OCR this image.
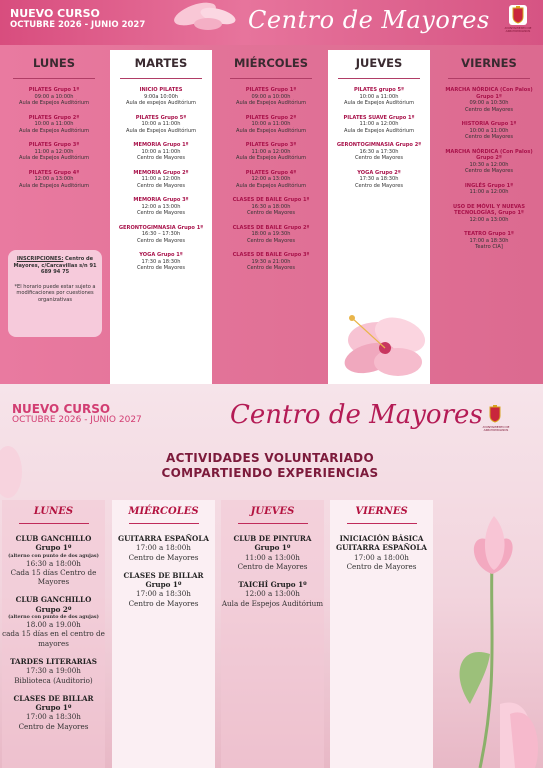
NUEVO CURSO
OCTUBRE 2026 - JUNIO 2027	Centro de Mayores	AYUNTAMIENTO DE ARROYOMOLINOS
LUNES
PILATES Grupo 1º
09:00 a 10:00h
Aula de Espejos Auditórium
PILATES Grupo 2º
10:00 a 11:00h
Aula de Espejos Auditórium
PILATES Grupo 3º
11:00 a 12:00h
Aula de Espejos Auditórium
PILATES Grupo 4º
12:00 a 13:00h
Aula de Espejos Auditórium
MARTES
INICIO PILATES
9:00a 10:00h
Aula de espejos Auditórium
PILATES Grupo 5º
10:00 a 11:00h
Aula de Espejos Auditórium
MEMORIA Grupo 1º
10:00 a 11:00h
Centro de Mayores
MEMORIA Grupo 2º
11:00 a 12:00h
Centro de Mayores
MEMORIA Grupo 3º
12:00 a 13:00h
Centro de Mayores
GERONTOGIMNASIA Grupo 1º
16:30 – 17:30h
Centro de Mayores
YOGA Grupo 1º
17:30 a 18:30h
Centro de Mayores
MIÉRCOLES
PILATES Grupo 1º
09:00 a 10:00h
Aula de Espejos Auditórium
PILATES Grupo 2º
10:00 a 11:00h
Aula de Espejos Auditórium
PILATES Grupo 3º
11:00 a 12:00h
Aula de Espejos Auditórium
PILATES Grupo 4º
12:00 a 13:00h
Aula de Espejos Auditórium
CLASES DE BAILE Grupo 1º
16:30 a 18:00h
Centro de Mayores
CLASES DE BAILE Grupo 2º
18:00 a 19:30h
Centro de Mayores
CLASES DE BAILE Grupo 3º
19:30 a 21:00h
Centro de Mayores
JUEVES
PILATES grupo 5º
10:00 a 11:00h
Aula de Espejos Auditórium
PILATES SUAVE Grupo 1º
11:00 a 12:00h
Aula de Espejos Auditórium
GERONTOGIMNASIA Grupo 2º
16:30 a 17:30h
Centro de Mayores
YOGA Grupo 2º
17:30 a 18:30h
Centro de Mayores
VIERNES
MARCHA NÓRDICA (Con Palos) Grupo 1º
09:00 a 10:30h
Centro de Mayores
HISTORIA Grupo 1º
10:00 a 11:00h
Centro de Mayores
MARCHA NÓRDICA (Con Palos) Grupo 2º
10:30 a 12:00h
Centro de Mayores
INGLÉS Grupo 1º
11:00 a 12:00h
USO DE MÓVIL Y NUEVAS TECNOLOGÍAS, Grupo 1º
12:00 a 13:00h
TEATRO Grupo 1º
17:00 a 18:30h
Teatro CIA]
INSCRIPCIONES: Centro de Mayores, c/Carcavillas s/n 91 689 94 75
*El horario puede estar sujeto a modificaciones por cuestiones organizativas
NUEVO CURSO
OCTUBRE 2026 - JUNIO 2027	Centro de Mayores AYUNTAMIENTO DE ARROYOMOLINOS
ACTIVIDADES VOLUNTARIADO
COMPARTIENDO EXPERIENCIAS
LUNES
CLUB GANCHILLO Grupo 1º
(alterno con punto de dos agujas)
16:30 a 18:00h
Cada 15 días Centro de Mayores
CLUB GANCHILLO Grupo 2º
(alterno con punto de dos agujas)
18.00 a 19.00h
cada 15 días en el centro de mayores
TARDES LITERARIAS
17:30 a 19:00h
Biblioteca (Auditorio)
CLASES DE BILLAR Grupo 1º
17:00 a 18:30h
Centro de Mayores
MIÉRCOLES
GUITARRA ESPAÑOLA
17:00 a 18:00h
Centro de Mayores
CLASES DE BILLAR Grupo 1º
17:00 a 18:30h
Centro de Mayores
JUEVES
CLUB DE PINTURA Grupo 1º
11:00 a 13:00h
Centro de Mayores
TAICHÍ Grupo 1º
12:00 a 13:00h
Aula de Espejos Auditórium
VIERNES
INICIACIÓN BÁSICA GUITARRA ESPAÑOLA
17:00 a 18:00h
Centro de Mayores
